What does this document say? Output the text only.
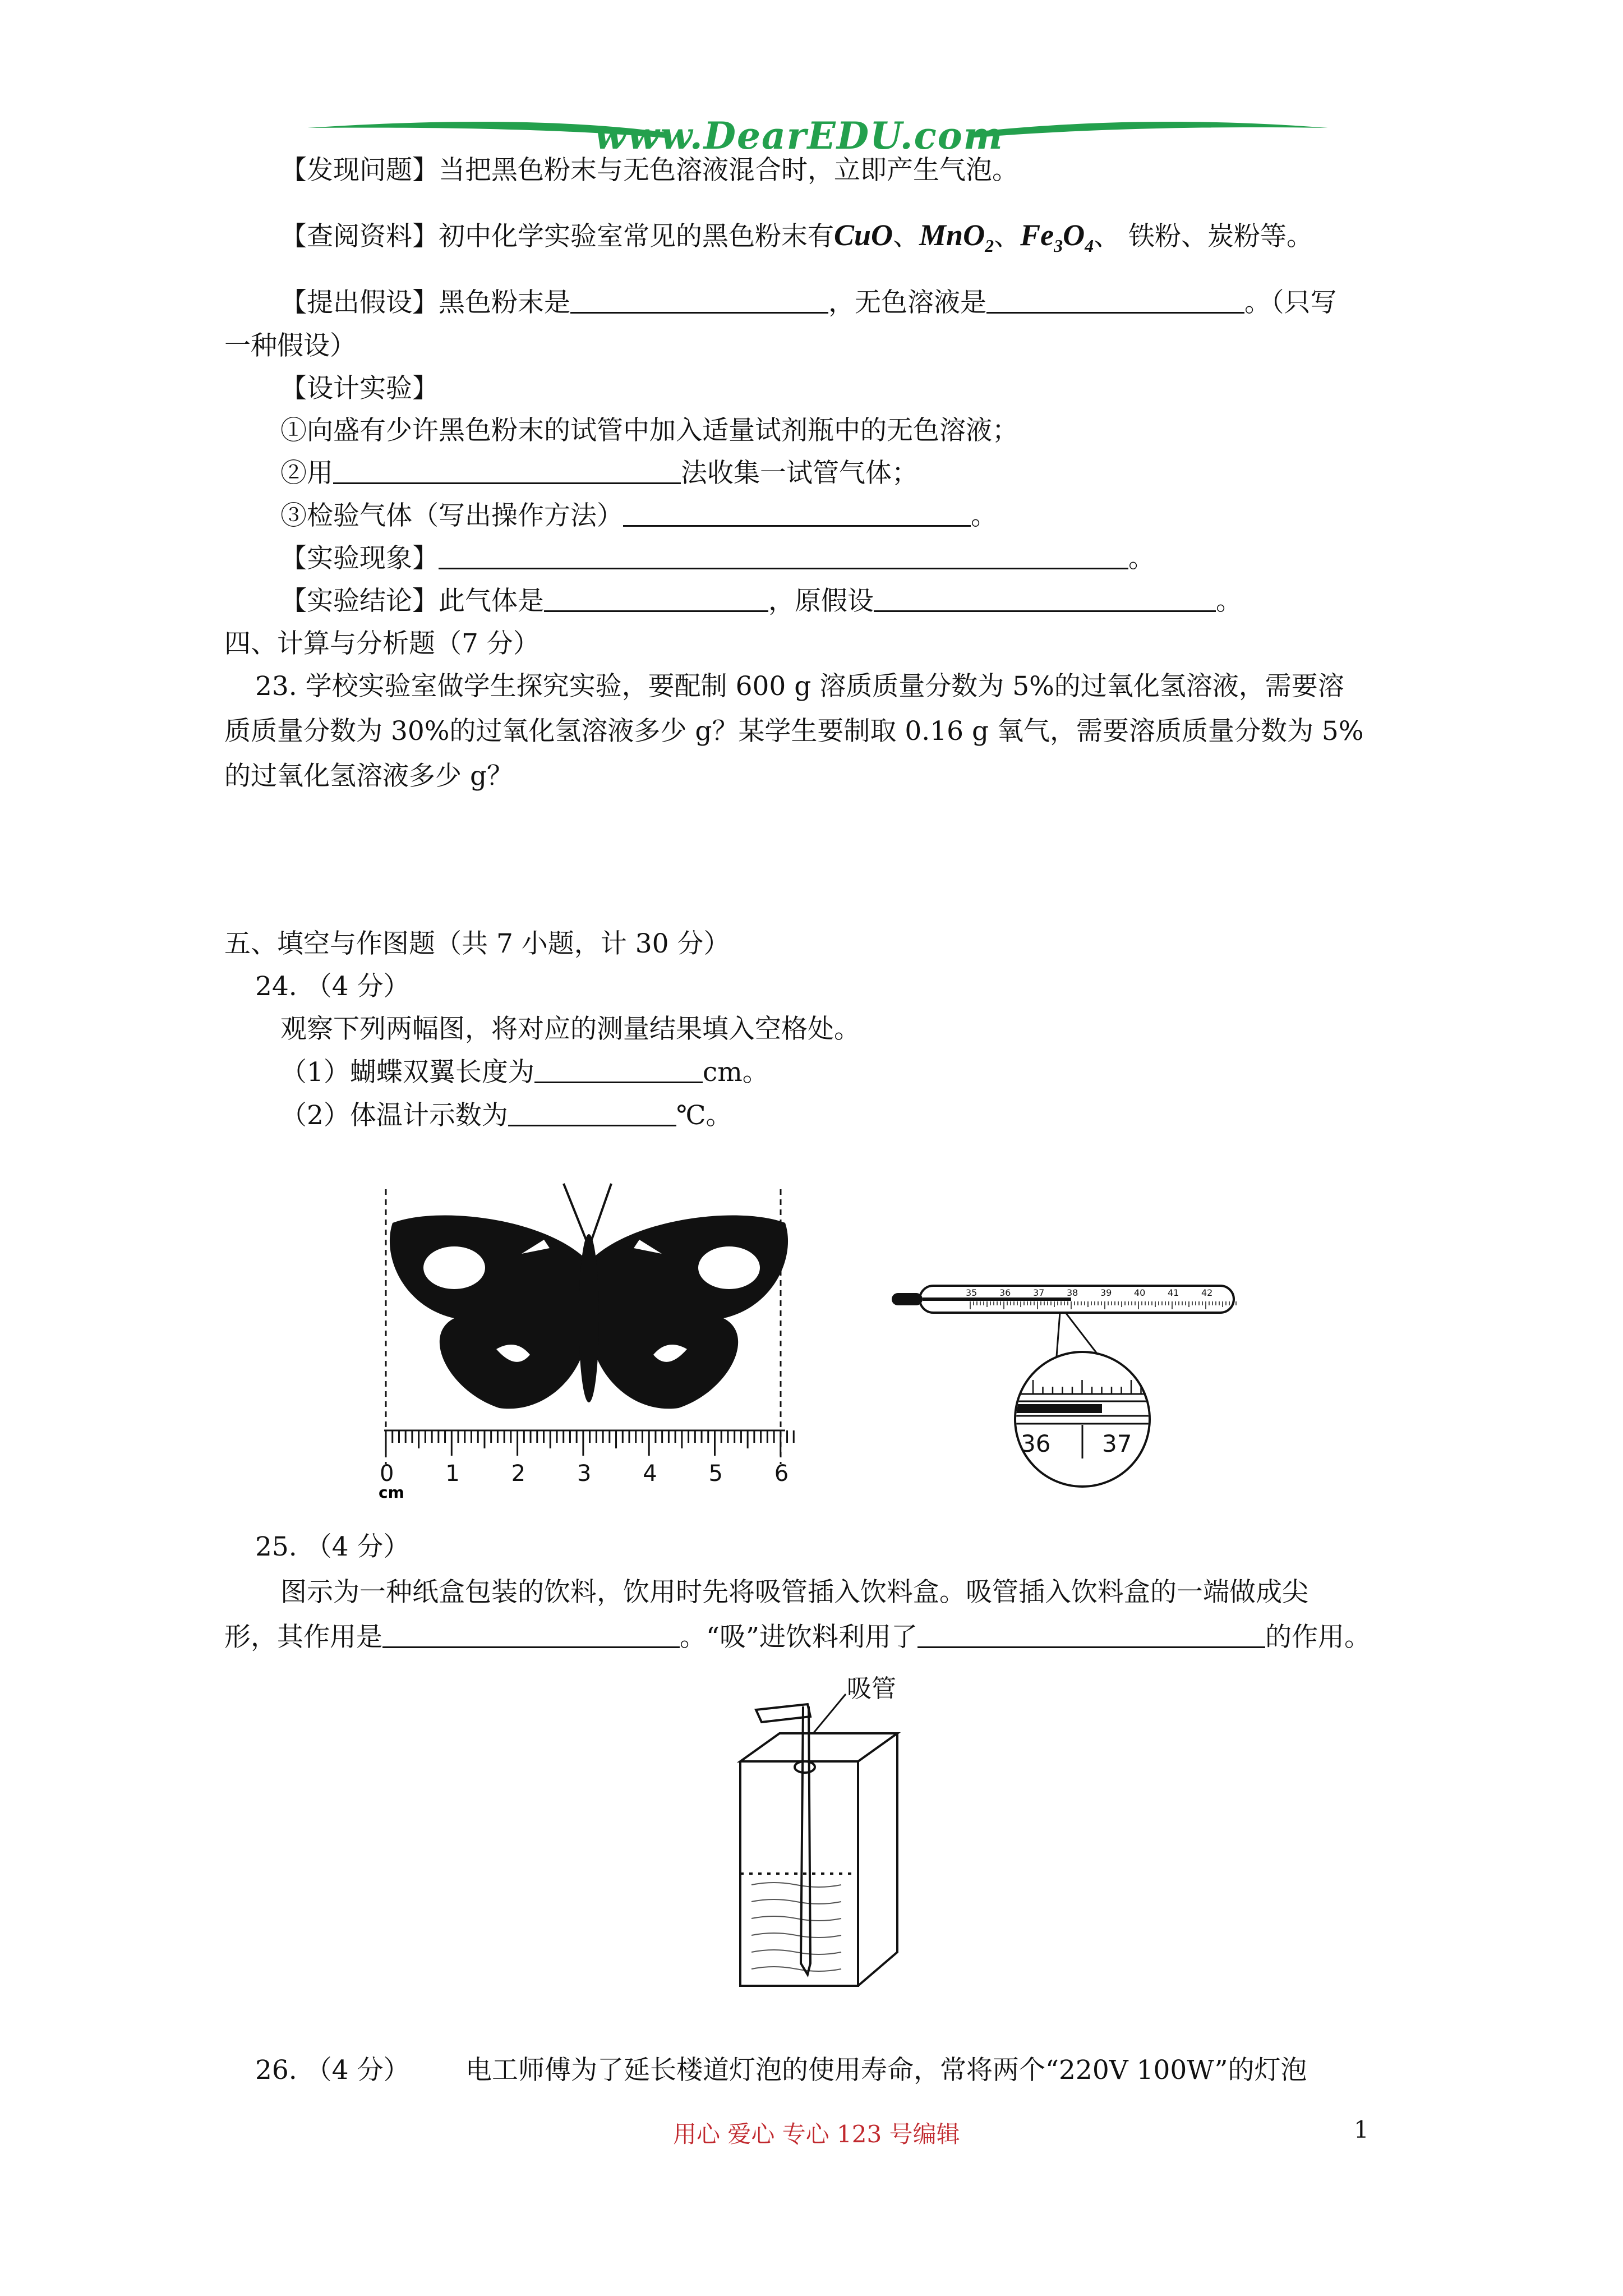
www.DearEDU.com
【发现问题】当把黑色粉末与无色溶液混合时，立即产生气泡。
【查阅资料】初中化学实验室常见的黑色粉末有CuO、MnO$_2$、$Fe_3O_4$、 铁粉、炭粉等。
【提出假设】黑色粉末是	，无色溶液是	。（只写
一种假设）
【设计实验】
①向盛有少许黑色粉末的试管中加入适量试剂瓶中的无色溶液；
②用	法收集一试管气体；
③检验气体（写出操作方法）	。
【实验现象】	。
【实验结论】此气体是	，原假设	。
四、计算与分析题（7 分）
23. 学校实验室做学生探究实验，要配制 600 g 溶质质量分数为 5%的过氧化氢溶液，需要溶
质质量分数为 30%的过氧化氢溶液多少 g？某学生要制取 0.16 g 氧气，需要溶质质量分数为 5%
的过氧化氢溶液多少 g？
五、填空与作图题（共 7 小题，计 30 分）
24. （4 分）
观察下列两幅图，将对应的测量结果填入空格处。
（1）蝴蝶双翼长度为	cm。
（2）体温计示数为	℃。
0 1 2 3 4 5 6
cm
35 36 37 38 39 40 41 42
36 37
25. （4 分）
图示为一种纸盒包装的饮料，饮用时先将吸管插入饮料盒。吸管插入饮料盒的一端做成尖
形，其作用是	。“吸”进饮料利用了	的作用。
吸管
26. （4 分） 电工师傅为了延长楼道灯泡的使用寿命，常将两个“220V 100W”的灯泡
用心 爱心 专心 123 号编辑	1
